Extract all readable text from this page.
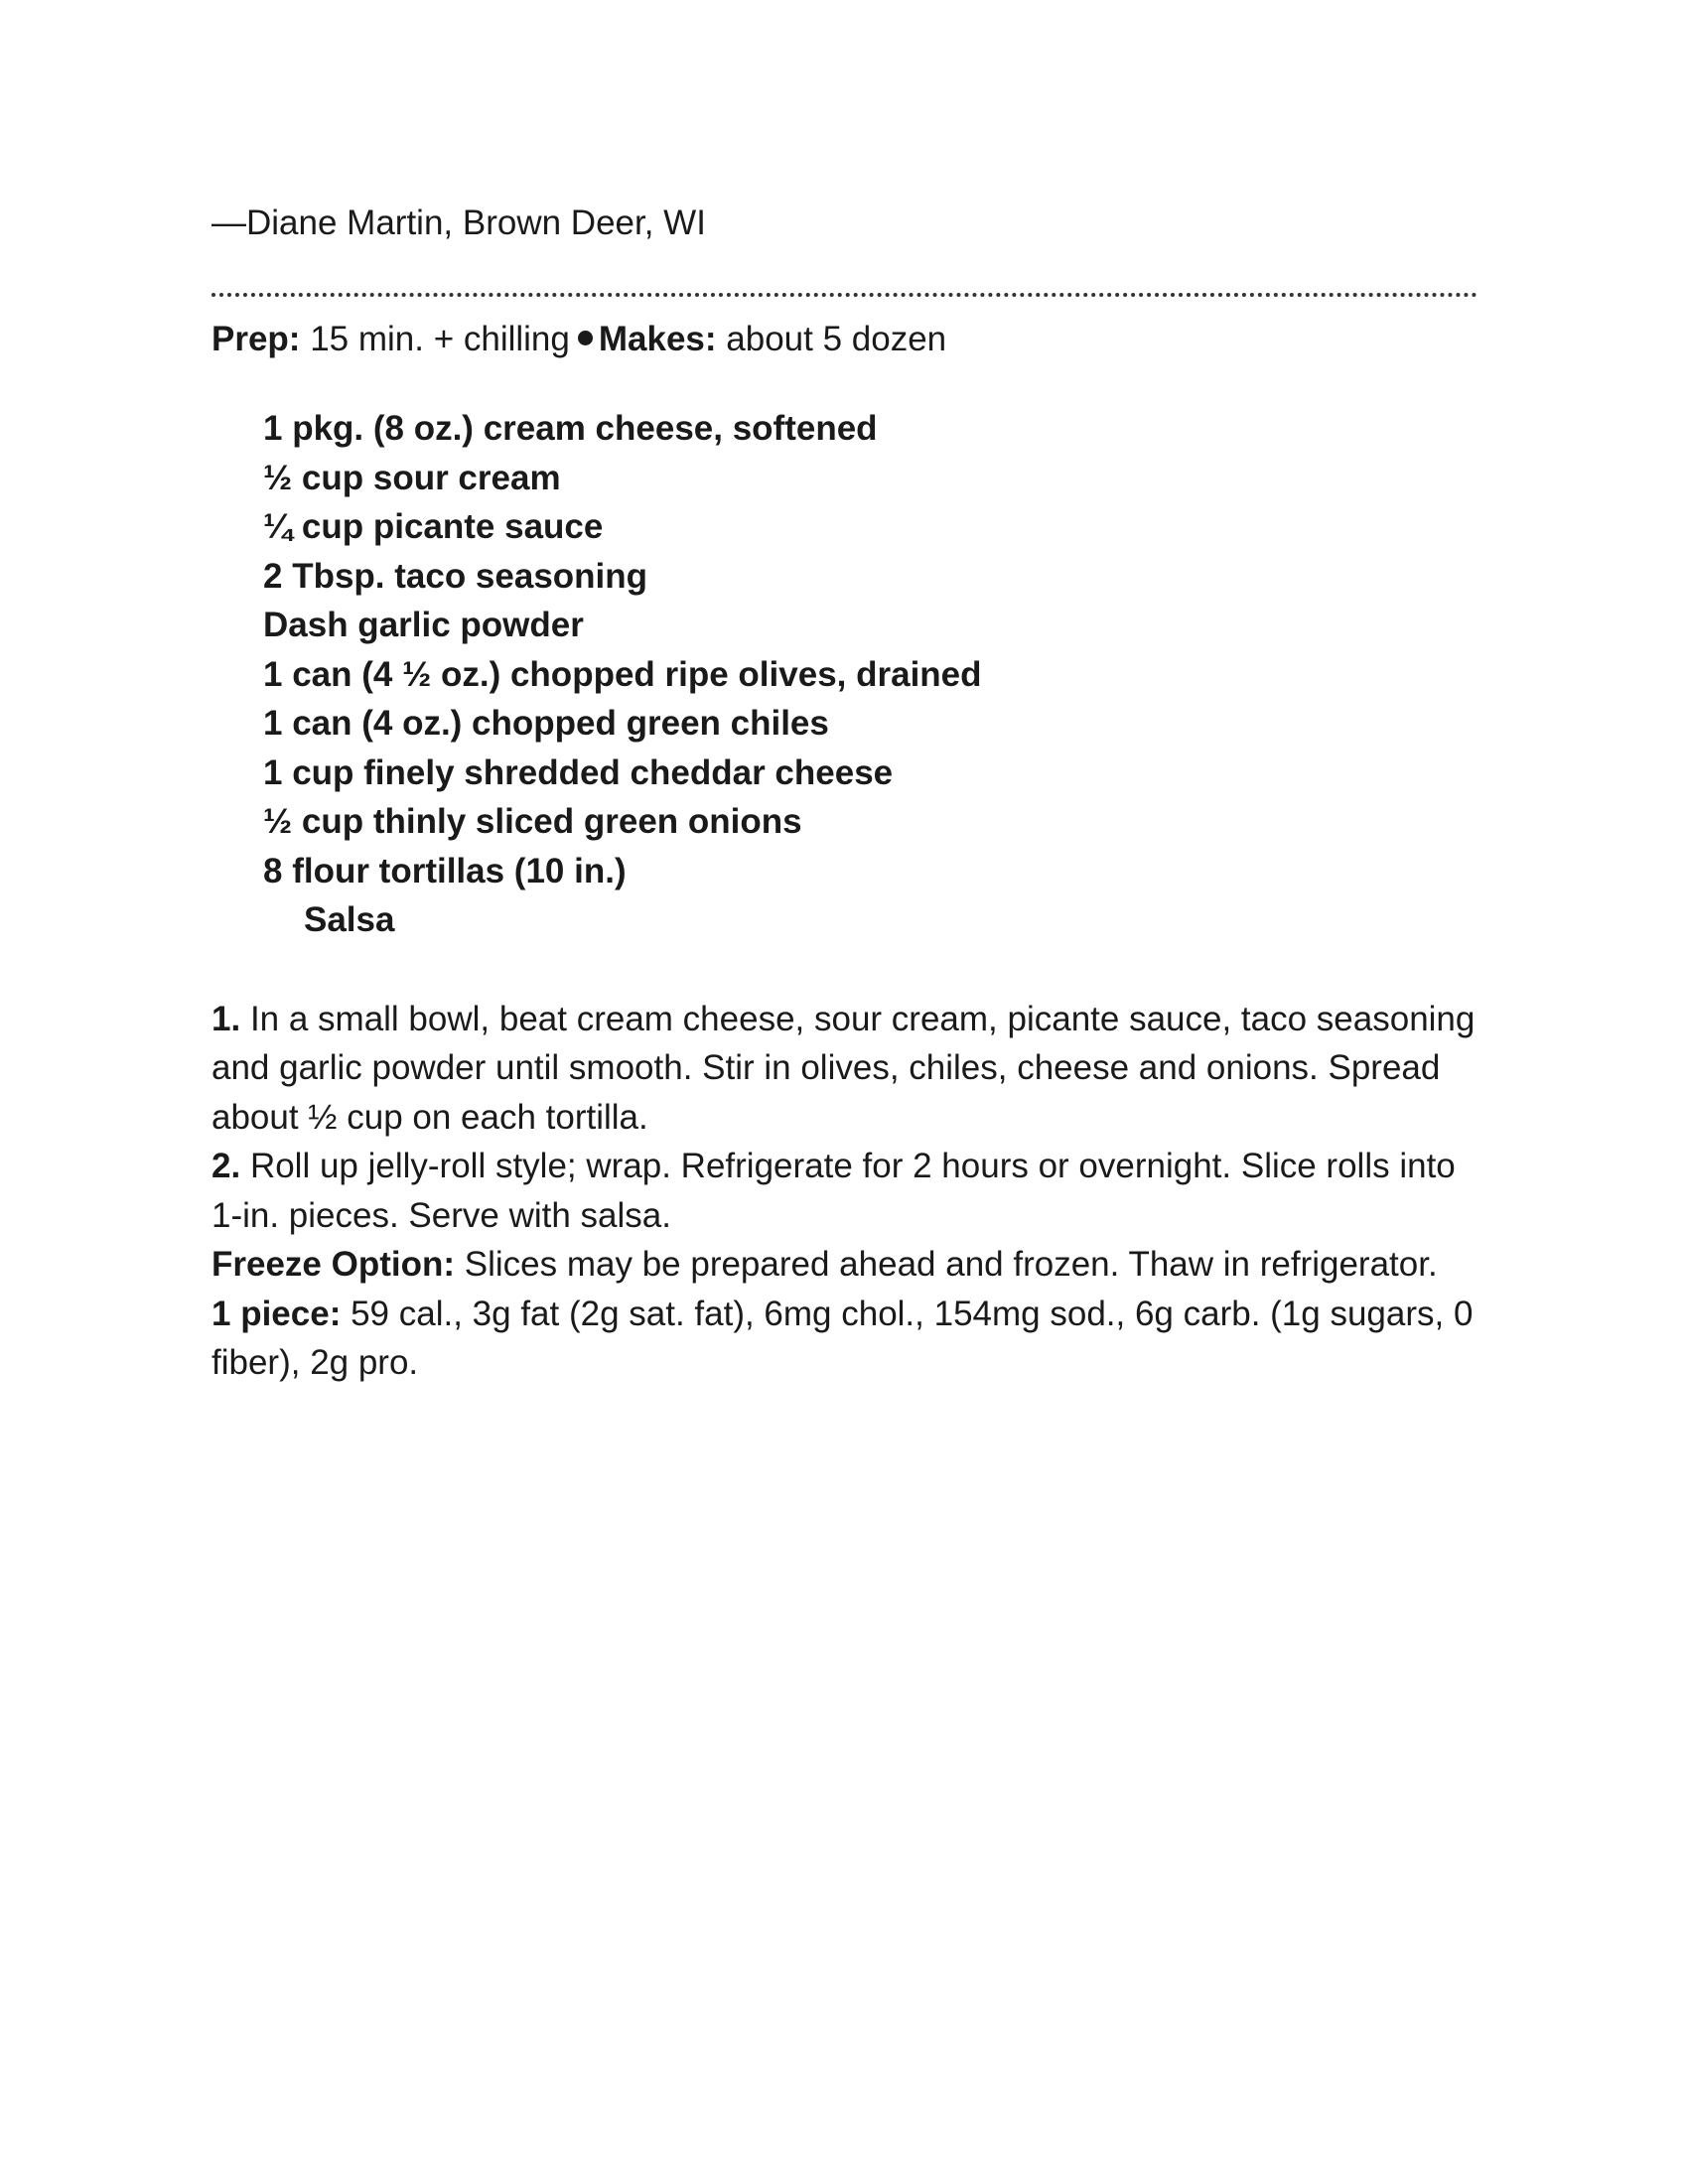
—Diane Martin, Brown Deer, WI

Prep: 15 min. + chilling Makes: about 5 dozen
1 pkg. (8 oz.) cream cheese, softened
½ cup sour cream
¼ cup picante sauce
2 Tbsp. taco seasoning
Dash garlic powder
1 can (4 ½ oz.) chopped ripe olives, drained
1 can (4 oz.) chopped green chiles
1 cup finely shredded cheddar cheese
½ cup thinly sliced green onions
8 flour tortillas (10 in.)
Salsa

1. In a small bowl, beat cream cheese, sour cream, picante sauce, taco seasoning and garlic powder until smooth. Stir in olives, chiles, cheese and onions. Spread about ½ cup on each tortilla.

2. Roll up jelly-roll style; wrap. Refrigerate for 2 hours or overnight. Slice rolls into 1-in. pieces. Serve with salsa.

Freeze Option: Slices may be prepared ahead and frozen. Thaw in refrigerator.

1 piece: 59 cal., 3g fat (2g sat. fat), 6mg chol., 154mg sod., 6g carb. (1g sugars, 0 fiber), 2g pro.
